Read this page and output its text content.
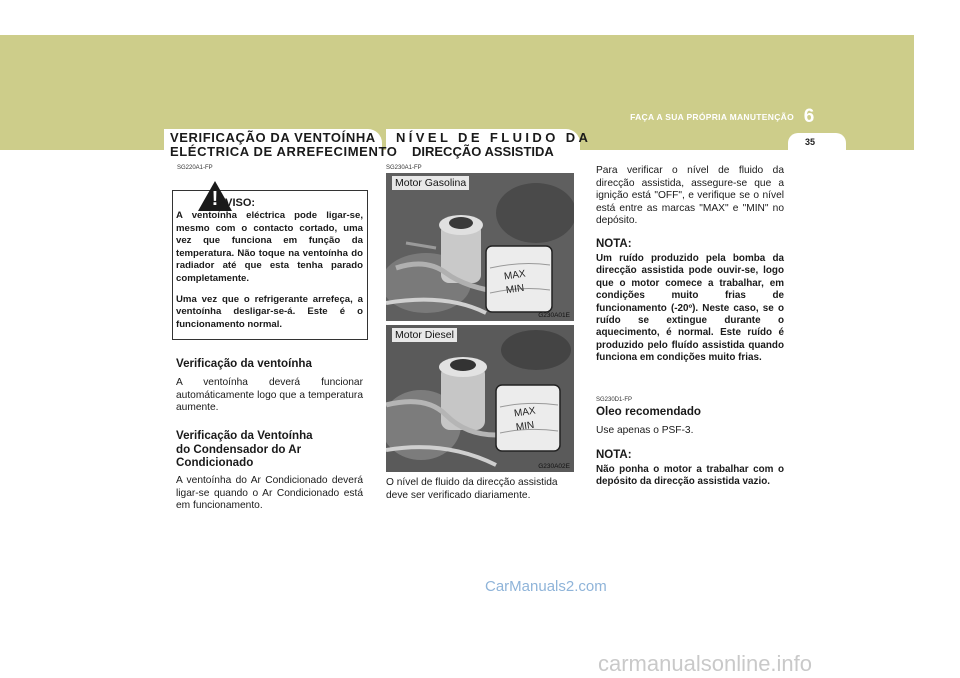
FAÇA A SUA PRÓPRIA MANUTENÇÃO 6
35
VERIFICAÇÃO DA VENTOÍNHA
ELÉCTRICA DE ARREFECIMENTO
NÍVEL DE FLUIDO DA
DIRECÇÃO ASSISTIDA
SG220A1-FP
! AVISO:

A ventoínha eléctrica pode ligar-se, mesmo com o contacto cortado, uma vez que funciona em função da temperatura. Não toque na ventoínha do radiador até que esta tenha parado completamente.

Uma vez que o refrigerante arrefeça, a ventoínha desligar-se-á. Este é o funcionamento normal.

Verificação da ventoínha
A ventoínha deverá funcionar automáticamente logo que a temperatura aumente.
Verificação da Ventoínha
do Condensador do Ar
Condicionado
A ventoínha do Ar Condicionado deverá ligar-se quando o Ar Condicionado está em funcionamento.
SG230A1-FP
Motor Gasolina
MAX
MIN
G230A01E
Motor Diesel
MAX
MIN
G230A02E
O nível de fluido da direcção assistida deve ser verificado diariamente.
Para verificar o nível de fluido da direcção assistida, assegure-se que a ignição está "OFF", e verifique se o nível está entre as marcas "MAX" e "MIN" no depósito.
NOTA:
Um ruído produzido pela bomba da direcção assistida pode ouvir-se, logo que o motor comece a trabalhar, em condições muito frias de funcionamento (-20º). Neste caso, se o ruído se extingue durante o aquecimento, é normal. Este ruído é produzido pelo fluído assistida quando funciona em condições muito frias.
SG230D1-FP
Oleo recomendado
Use apenas o PSF-3.
NOTA:
Não ponha o motor a trabalhar com o depósito da direcção assistida vazio.
CarManuals2.com
carmanualsonline.info
